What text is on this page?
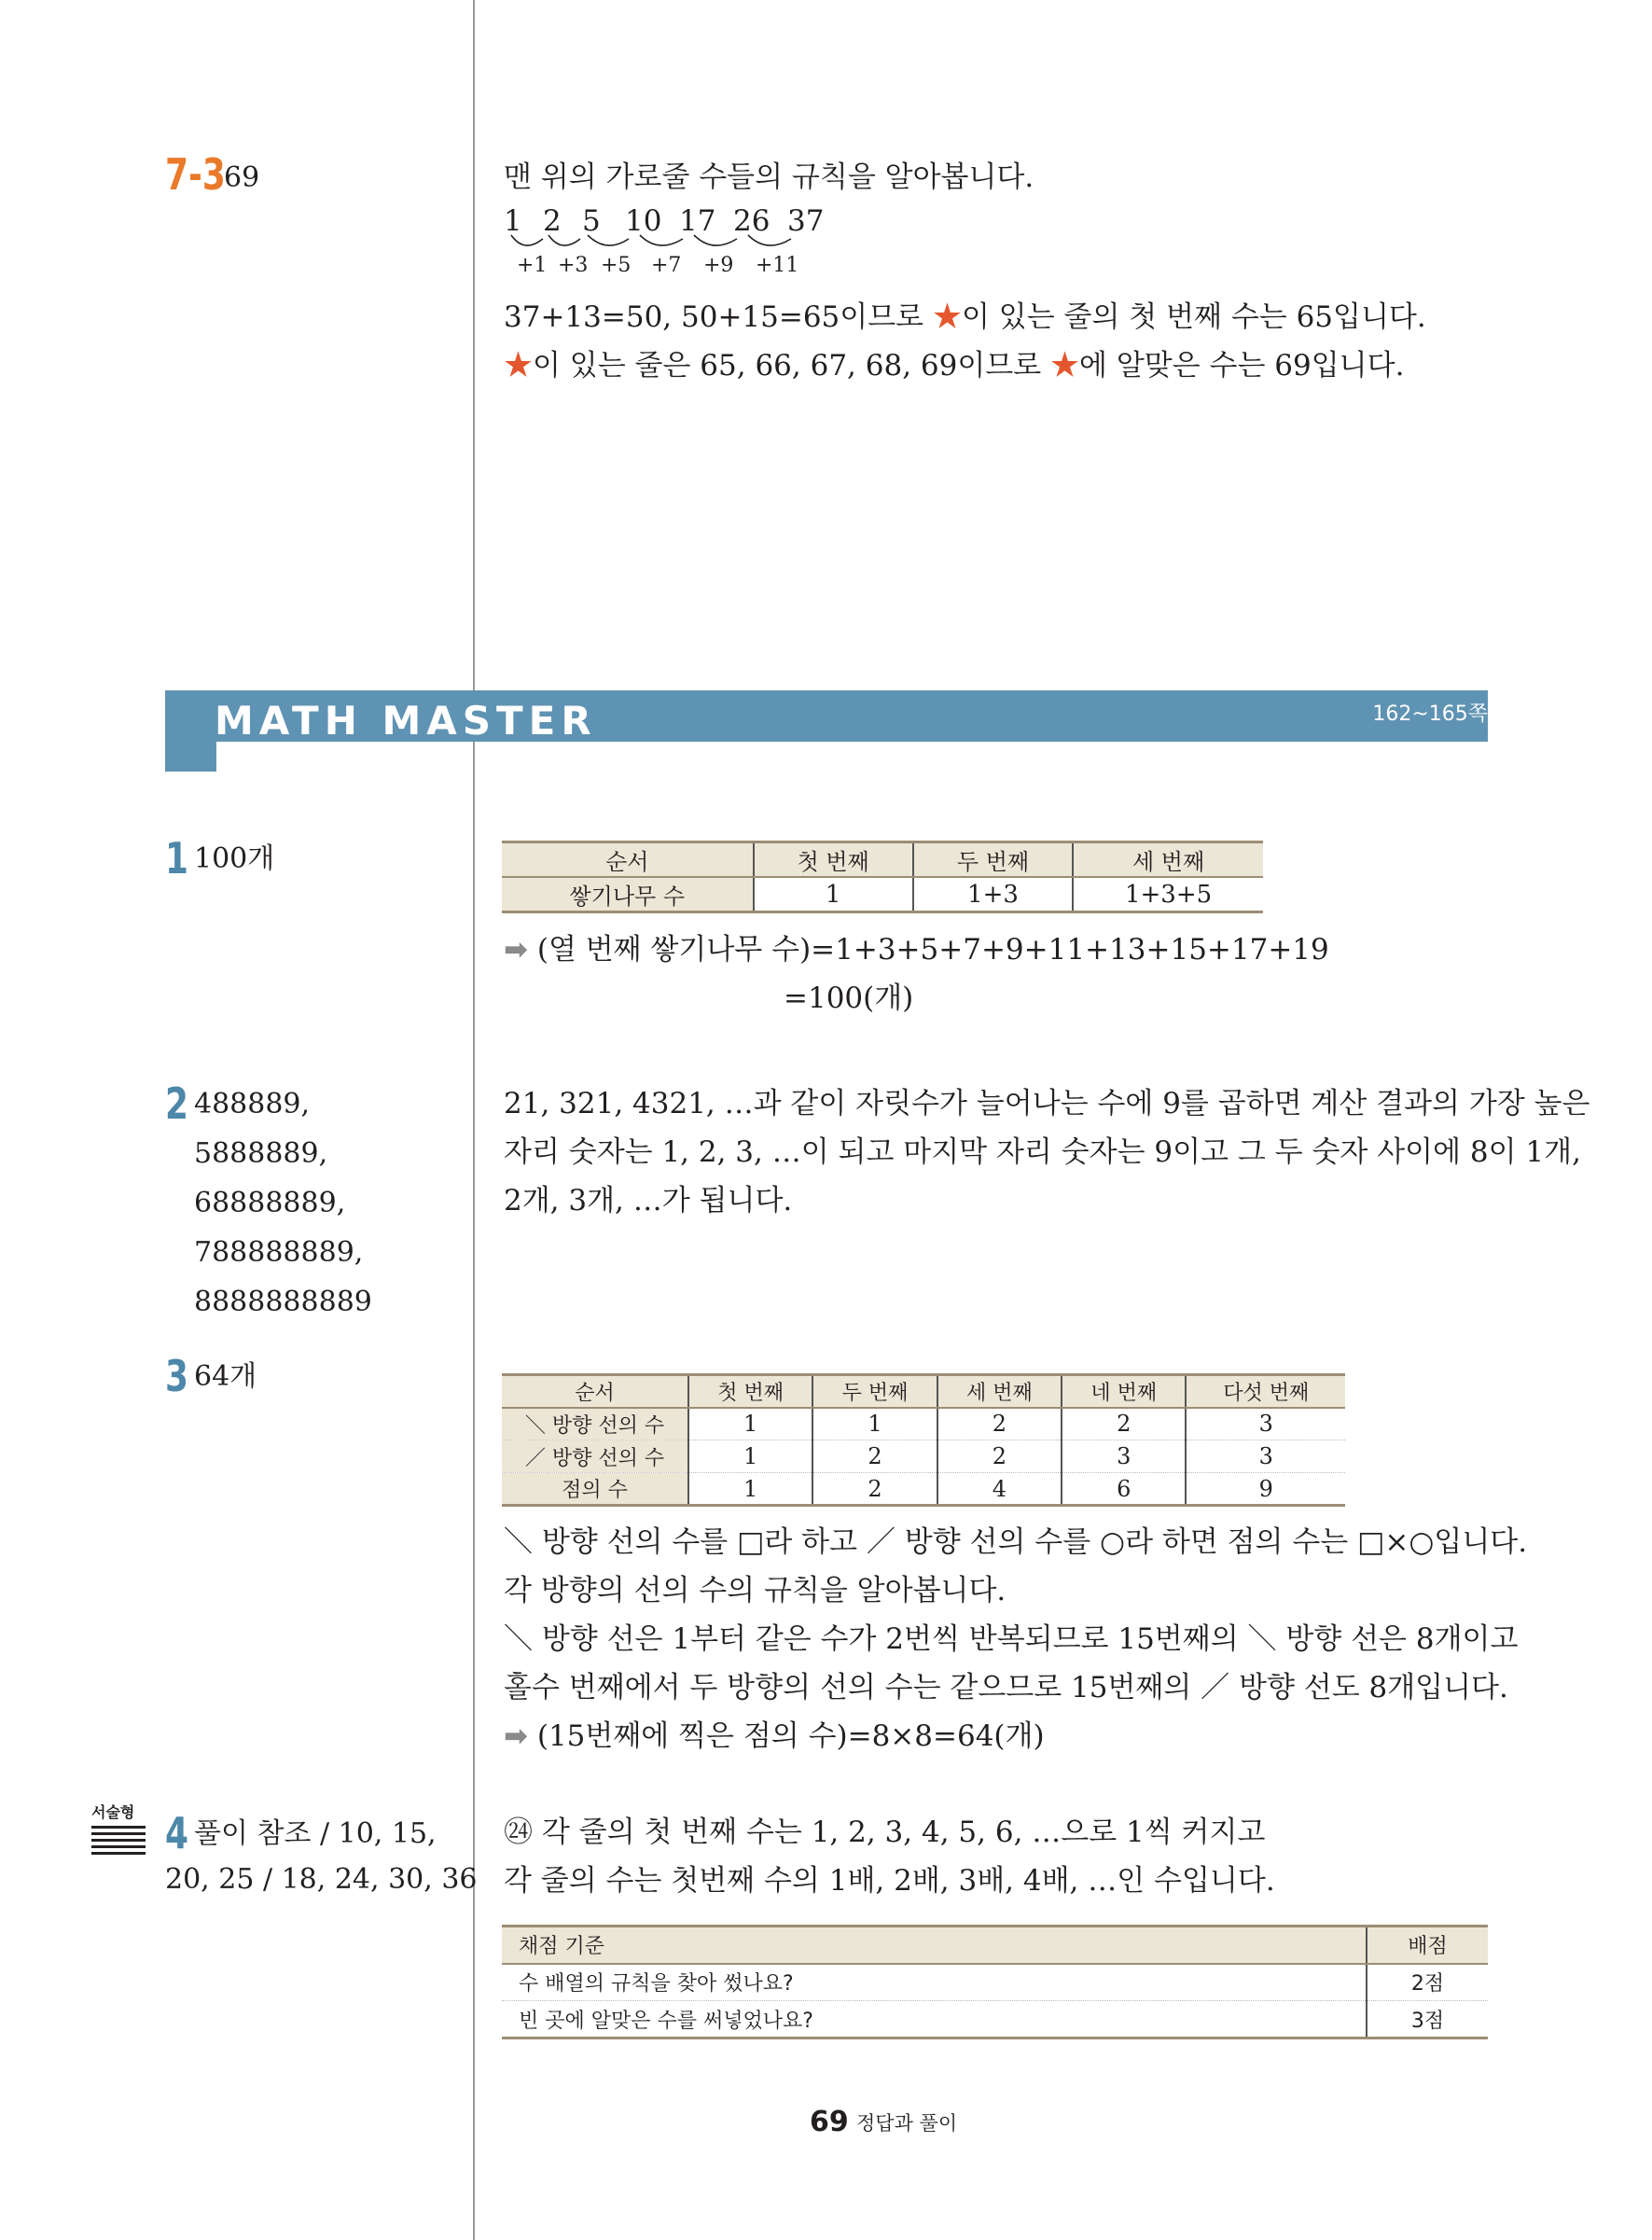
7-3
69	맨 위의 가로줄 수들의 규칙을 알아봅니다.
1 2 5 10 17 26 37
+1 +3 +5 +7 +9 +11
37+13=50, 50+15=65이므로 ★이 있는 줄의 첫 번째 수는 65입니다.
★이 있는 줄은 65, 66, 67, 68, 69이므로 ★에 알맞은 수는 69입니다.
MATH MASTER	162~165쪽
1 100개	순서	첫 번째	두 번째	세 번째
쌓기나무 수	1	1+3	1+3+5
➡ (열 번째 쌓기나무 수)=1+3+5+7+9+11+13+15+17+19
=100(개)
2 488889,
5888889,
68888889,
788888889,
8888888889
21, 321, 4321, …과 같이 자릿수가 늘어나는 수에 9를 곱하면 계산 결과의 가장 높은
자리 숫자는 1, 2, 3, …이 되고 마지막 자리 숫자는 9이고 그 두 숫자 사이에 8이 1개,
2개, 3개, …가 됩니다.
3 64개
순서	첫 번째	두 번째	세 번째	네 번째	다섯 번째
＼ 방향 선의 수	1	1	2	2	3
／ 방향 선의 수	1	2	2	3	3
점의 수	1	2	4	6	9
＼ 방향 선의 수를 □라 하고 ／ 방향 선의 수를 ○라 하면 점의 수는 □×○입니다.
각 방향의 선의 수의 규칙을 알아봅니다.
＼ 방향 선은 1부터 같은 수가 2번씩 반복되므로 15번째의 ＼ 방향 선은 8개이고
홀수 번째에서 두 방향의 선의 수는 같으므로 15번째의 ／ 방향 선도 8개입니다.
➡ (15번째에 찍은 점의 수)=8×8=64(개)
서술형 4 풀이 참조 / 10, 15,
20, 25 / 18, 24, 30, 36
㉔ 각 줄의 첫 번째 수는 1, 2, 3, 4, 5, 6, …으로 1씩 커지고
각 줄의 수는 첫번째 수의 1배, 2배, 3배, 4배, …인 수입니다.
채점 기준	배점
수 배열의 규칙을 찾아 썼나요?	2점
빈 곳에 알맞은 수를 써넣었나요?	3점
69 정답과 풀이
